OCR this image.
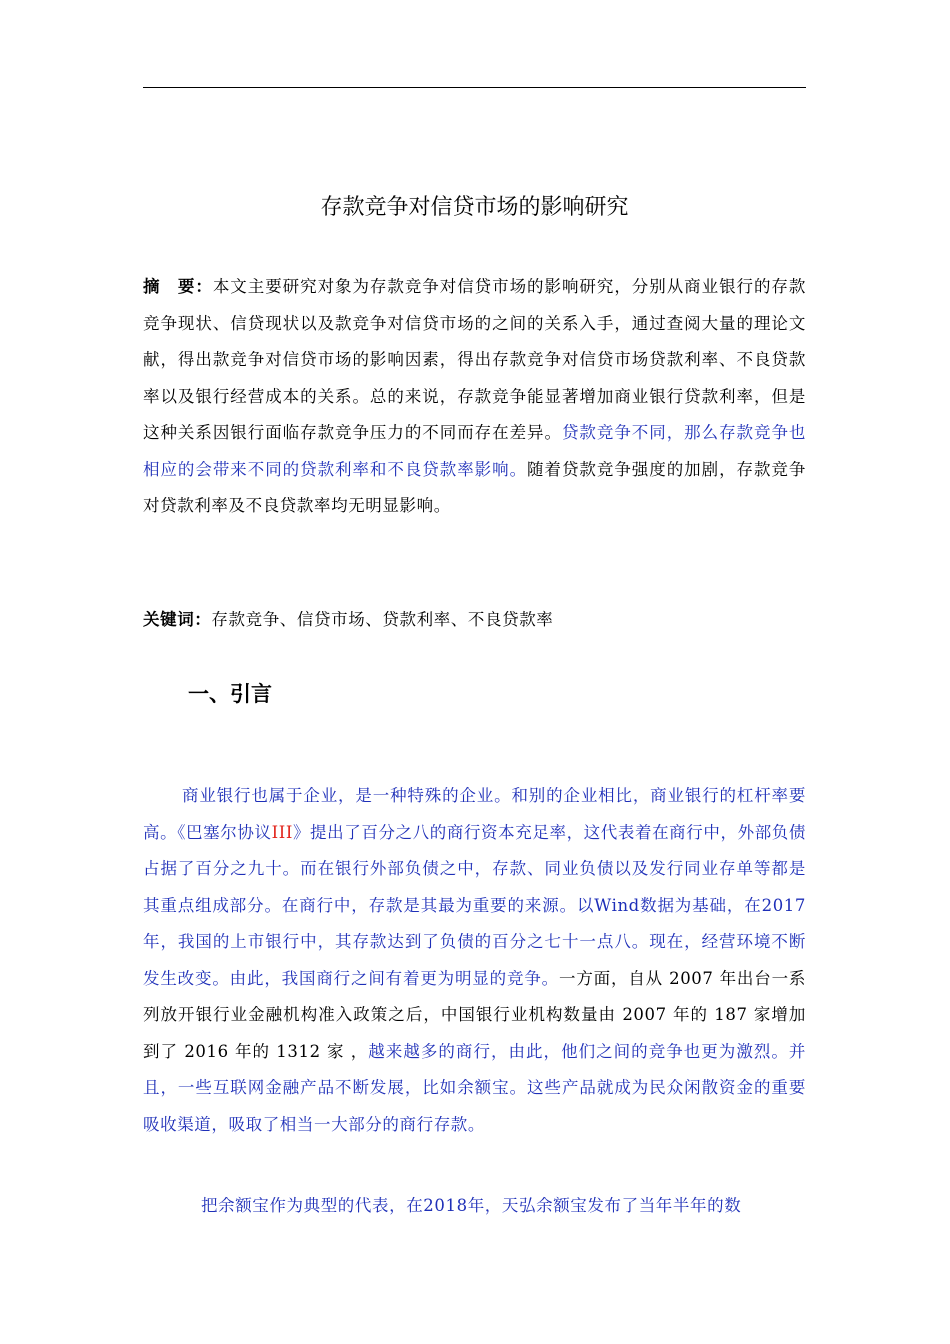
存款竞争对信贷市场的影响研究
摘　要：本文主要研究对象为存款竞争对信贷市场的影响研究，分别从商业银行的存款竞争现状、信贷现状以及款竞争对信贷市场的之间的关系入手，通过查阅大量的理论文献，得出款竞争对信贷市场的影响因素，得出存款竞争对信贷市场贷款利率、不良贷款率以及银行经营成本的关系。总的来说，存款竞争能显著增加商业银行贷款利率，但是这种关系因银行面临存款竞争压力的不同而存在差异。贷款竞争不同，那么存款竞争也相应的会带来不同的贷款利率和不良贷款率影响。随着贷款竞争强度的加剧，存款竞争对贷款利率及不良贷款率均无明显影响。
关键词：存款竞争、信贷市场、贷款利率、不良贷款率
一、引言
商业银行也属于企业，是一种特殊的企业。和别的企业相比，商业银行的杠杆率要高。《巴塞尔协议III》提出了百分之八的商行资本充足率，这代表着在商行中，外部负债占据了百分之九十。而在银行外部负债之中，存款、同业负债以及发行同业存单等都是其重点组成部分。在商行中，存款是其最为重要的来源。以Wind数据为基础，在2017年，我国的上市银行中，其存款达到了负债的百分之七十一点八。现在，经营环境不断发生改变。由此，我国商行之间有着更为明显的竞争。一方面，自从 2007 年出台一系列放开银行业金融机构准入政策之后，中国银行业机构数量由 2007 年的 187 家增加到了 2016 年的 1312 家 ，越来越多的商行，由此，他们之间的竞争也更为激烈。并且，一些互联网金融产品不断发展，比如余额宝。这些产品就成为民众闲散资金的重要吸收渠道，吸取了相当一大部分的商行存款。
把余额宝作为典型的代表，在2018年，天弘余额宝发布了当年半年的数
